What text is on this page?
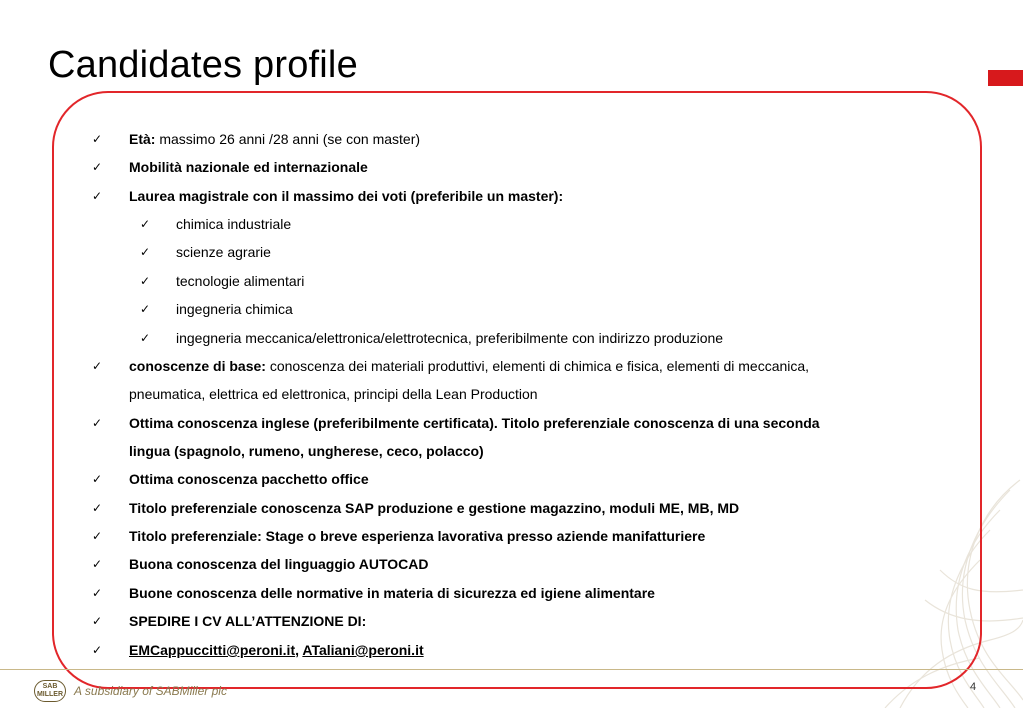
Candidates profile
✓ Età: massimo 26 anni /28 anni (se con master)
✓ Mobilità nazionale ed internazionale
✓ Laurea magistrale con il massimo dei voti (preferibile un master):
✓ chimica industriale
✓ scienze agrarie
✓ tecnologie alimentari
✓ ingegneria chimica
✓ ingegneria meccanica/elettronica/elettrotecnica, preferibilmente con indirizzo produzione
✓ conoscenze di base: conoscenza dei materiali produttivi, elementi di chimica e fisica, elementi di meccanica,
pneumatica, elettrica ed elettronica, principi della Lean Production
✓ Ottima conoscenza inglese (preferibilmente certificata). Titolo preferenziale conoscenza di una seconda
lingua (spagnolo, rumeno, ungherese, ceco, polacco)
✓ Ottima conoscenza pacchetto office
✓ Titolo preferenziale conoscenza SAP produzione e gestione magazzino, moduli ME, MB, MD
✓ Titolo preferenziale: Stage o breve esperienza lavorativa presso aziende manifatturiere
✓ Buona conoscenza del linguaggio AUTOCAD
✓ Buone conoscenza delle normative in materia di sicurezza ed igiene alimentare
✓ SPEDIRE I CV ALL’ATTENZIONE DI:
✓ EMCappuccitti@peroni.it, ATaliani@peroni.it
SAB
MILLER A subsidiary of SABMiller plc	4
